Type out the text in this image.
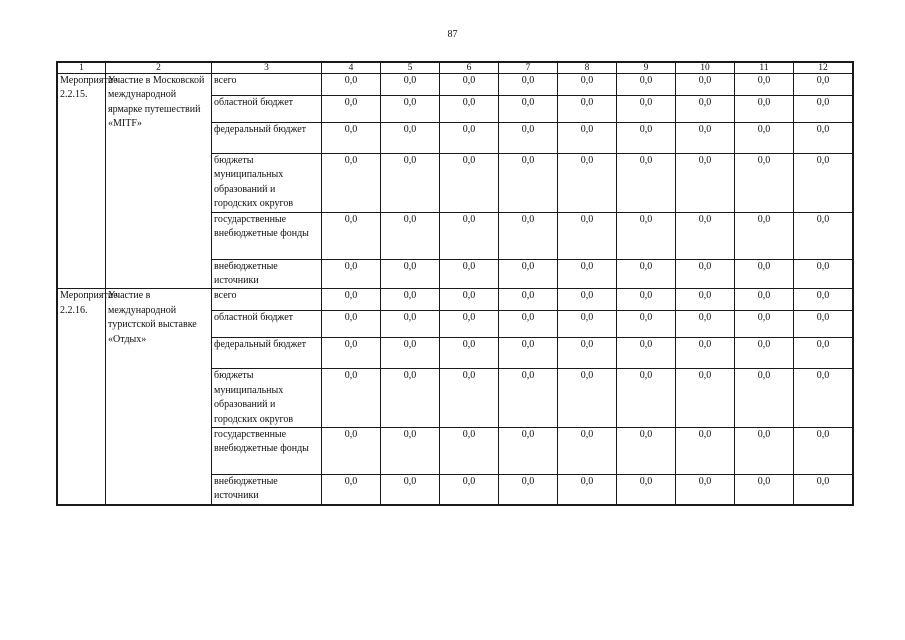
87
1	2	3	4	5	6	7	8	9	10	11	12
Мероприятие 2.2.15.	Участие в Московской международной ярмарке путешествий «MITF»	всего	0,0	0,0	0,0	0,0	0,0	0,0	0,0	0,0	0,0
		областной бюджет	0,0	0,0	0,0	0,0	0,0	0,0	0,0	0,0	0,0
		федеральный бюджет	0,0	0,0	0,0	0,0	0,0	0,0	0,0	0,0	0,0
		бюджеты муниципальных образований и городских округов	0,0	0,0	0,0	0,0	0,0	0,0	0,0	0,0	0,0
		государственные внебюджетные фонды	0,0	0,0	0,0	0,0	0,0	0,0	0,0	0,0	0,0
		внебюджетные источники	0,0	0,0	0,0	0,0	0,0	0,0	0,0	0,0	0,0
Мероприятие 2.2.16.	Участие в международной туристской выставке «Отдых»	всего	0,0	0,0	0,0	0,0	0,0	0,0	0,0	0,0	0,0
		областной бюджет	0,0	0,0	0,0	0,0	0,0	0,0	0,0	0,0	0,0
		федеральный бюджет	0,0	0,0	0,0	0,0	0,0	0,0	0,0	0,0	0,0
		бюджеты муниципальных образований и городских округов	0,0	0,0	0,0	0,0	0,0	0,0	0,0	0,0	0,0
		государственные внебюджетные фонды	0,0	0,0	0,0	0,0	0,0	0,0	0,0	0,0	0,0
		внебюджетные источники	0,0	0,0	0,0	0,0	0,0	0,0	0,0	0,0	0,0
